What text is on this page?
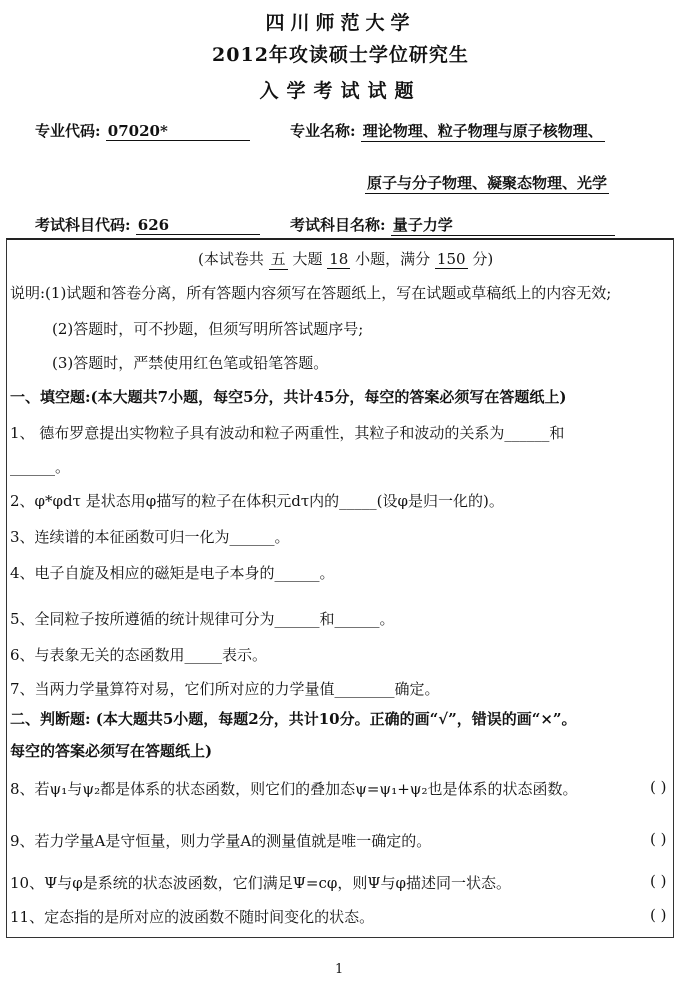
四川师范大学
2012年攻读硕士学位研究生
入学考试试题
专业代码: 07020*	专业名称: 理论物理、粒子物理与原子核物理、
原子与分子物理、凝聚态物理、光学
考试科目代码: 626	考试科目名称: 量子力学
(本试卷共 五 大题 18 小题，满分 150 分)
说明:(1)试题和答卷分离，所有答题内容须写在答题纸上，写在试题或草稿纸上的内容无效;
(2)答题时，可不抄题，但须写明所答试题序号;
(3)答题时，严禁使用红色笔或铅笔答题。
一、填空题:(本大题共7小题，每空5分，共计45分，每空的答案必须写在答题纸上)
1、 德布罗意提出实物粒子具有波动和粒子两重性，其粒子和波动的关系为______和
______。
2、φ*φdτ 是状态用φ描写的粒子在体积元dτ内的_____(设φ是归一化的)。
3、连续谱的本征函数可归一化为______。
4、电子自旋及相应的磁矩是电子本身的______。
5、全同粒子按所遵循的统计规律可分为______和______。
6、与表象无关的态函数用_____表示。
7、当两力学量算符对易，它们所对应的力学量值________确定。
二、判断题: (本大题共5小题，每题2分，共计10分。正确的画“√”，错误的画“×”。
每空的答案必须写在答题纸上)
8、若ψ₁与ψ₂都是体系的状态函数，则它们的叠加态ψ=ψ₁+ψ₂也是体系的状态函数。	( )
9、若力学量A是守恒量，则力学量A的测量值就是唯一确定的。	( )
10、Ψ与φ是系统的状态波函数，它们满足Ψ=cφ，则Ψ与φ描述同一状态。	( )
11、定态指的是所对应的波函数不随时间变化的状态。	( )
1
